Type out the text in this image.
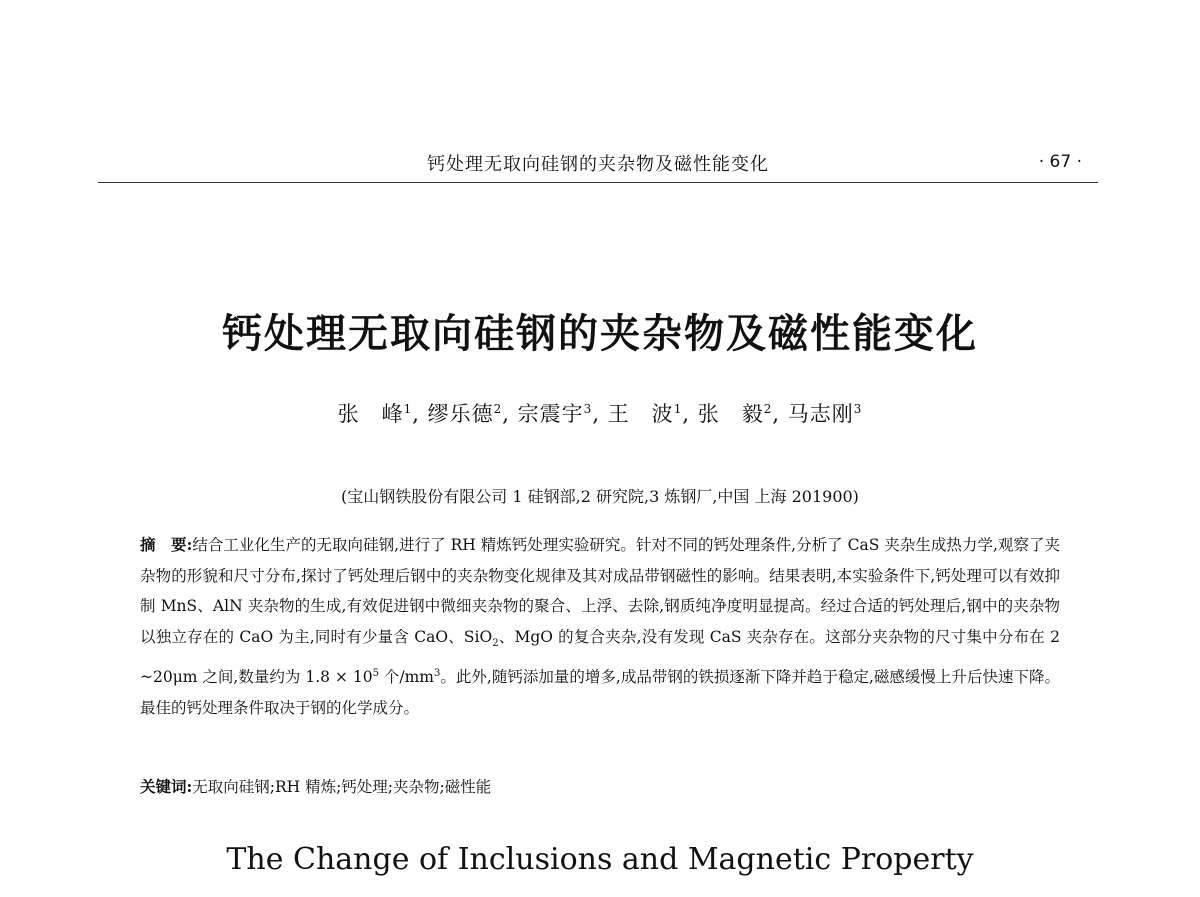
钙处理无取向硅钢的夹杂物及磁性能变化	· 67 ·
钙处理无取向硅钢的夹杂物及磁性能变化
张　峰$^1$, 缪乐德$^2$, 宗震宇$^3$, 王　波$^1$, 张　毅$^2$, 马志刚$^3$
(宝山钢铁股份有限公司 1 硅钢部,2 研究院,3 炼钢厂,中国 上海 201900)
摘　要:结合工业化生产的无取向硅钢,进行了 RH 精炼钙处理实验研究。针对不同的钙处理条件,分析了 CaS 夹杂生成热力学,观察了夹杂物的形貌和尺寸分布,探讨了钙处理后钢中的夹杂物变化规律及其对成品带钢磁性的影响。结果表明,本实验条件下,钙处理可以有效抑制 MnS、AlN 夹杂物的生成,有效促进钢中微细夹杂物的聚合、上浮、去除,钢质纯净度明显提高。经过合适的钙处理后,钢中的夹杂物以独立存在的 CaO 为主,同时有少量含 CaO、SiO$_2$、MgO 的复合夹杂,没有发现 CaS 夹杂存在。这部分夹杂物的尺寸集中分布在 2 ~20μm 之间,数量约为 $1.8 \times 10^5$ 个$/mm^3$。此外,随钙添加量的增多,成品带钢的铁损逐渐下降并趋于稳定,磁感缓慢上升后快速下降。最佳的钙处理条件取决于钢的化学成分。
关键词:无取向硅钢;RH 精炼;钙处理;夹杂物;磁性能
The Change of Inclusions and Magnetic Property
